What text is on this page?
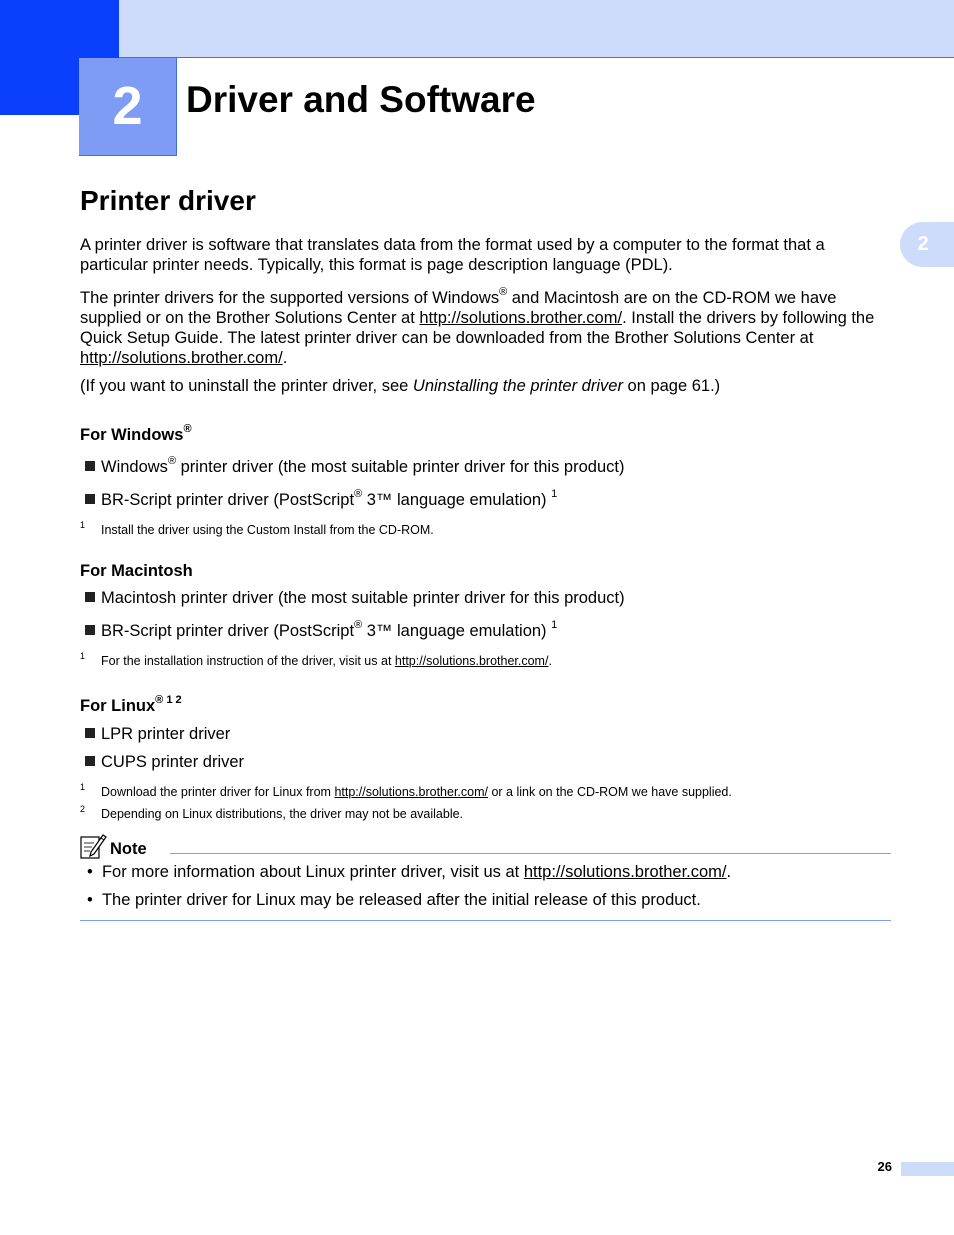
2	Driver and Software
2
Printer driver
A printer driver is software that translates data from the format used by a computer to the format that a particular printer needs. Typically, this format is page description language (PDL).
The printer drivers for the supported versions of Windows® and Macintosh are on the CD-ROM we have supplied or on the Brother Solutions Center at http://solutions.brother.com/. Install the drivers by following the Quick Setup Guide. The latest printer driver can be downloaded from the Brother Solutions Center at http://solutions.brother.com/.
(If you want to uninstall the printer driver, see Uninstalling the printer driver on page 61.)
For Windows®
Windows® printer driver (the most suitable printer driver for this product)
BR-Script printer driver (PostScript® 3™ language emulation) $^1$
1 Install the driver using the Custom Install from the CD-ROM.
For Macintosh
Macintosh printer driver (the most suitable printer driver for this product)
BR-Script printer driver (PostScript® 3™ language emulation) $^1$
1 For the installation instruction of the driver, visit us at http://solutions.brother.com/.
For Linux$^{® 1 2}$
LPR printer driver
CUPS printer driver
1 Download the printer driver for Linux from http://solutions.brother.com/ or a link on the CD-ROM we have supplied.
2 Depending on Linux distributions, the driver may not be available.
Note
•  For more information about Linux printer driver, visit us at http://solutions.brother.com/.
•  The printer driver for Linux may be released after the initial release of this product.
26
